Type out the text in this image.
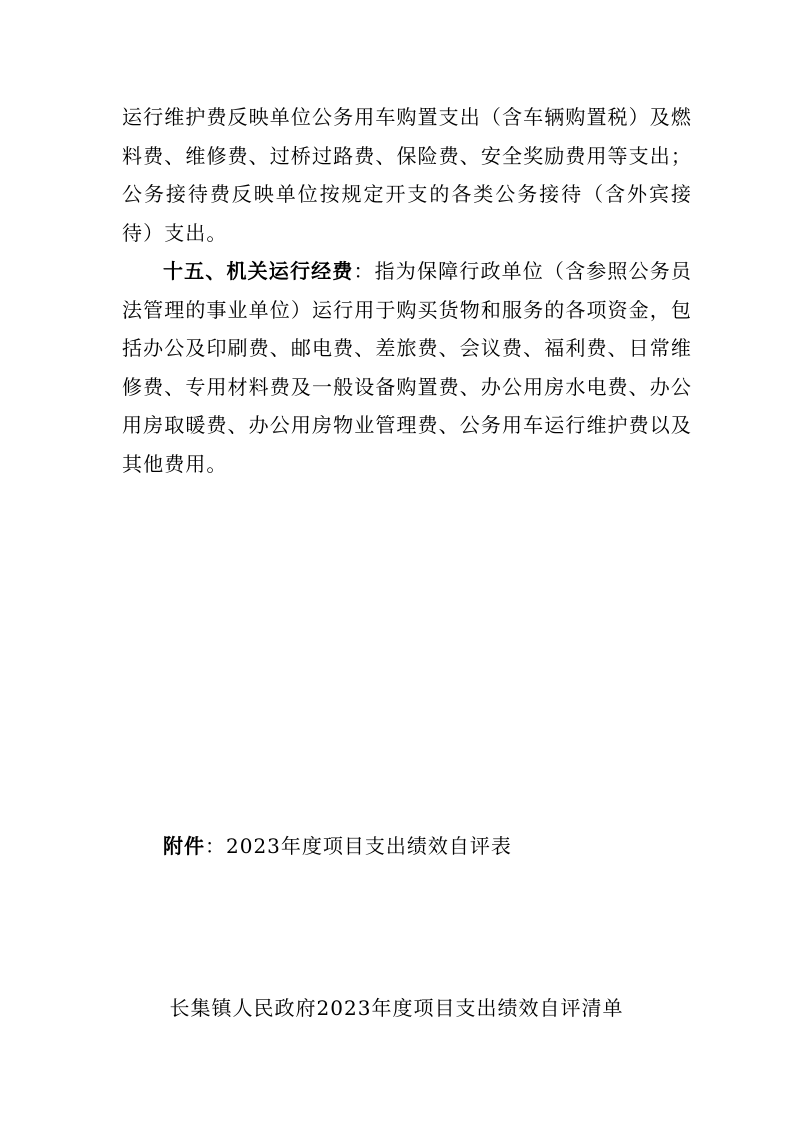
运行维护费反映单位公务用车购置支出（含车辆购置税）及燃料费、维修费、过桥过路费、保险费、安全奖励费用等支出；公务接待费反映单位按规定开支的各类公务接待（含外宾接待）支出。

十五、机关运行经费：指为保障行政单位（含参照公务员法管理的事业单位）运行用于购买货物和服务的各项资金，包括办公及印刷费、邮电费、差旅费、会议费、福利费、日常维修费、专用材料费及一般设备购置费、办公用房水电费、办公用房取暖费、办公用房物业管理费、公务用车运行维护费以及其他费用。

附件：2023年度项目支出绩效自评表
长集镇人民政府2023年度项目支出绩效自评清单
